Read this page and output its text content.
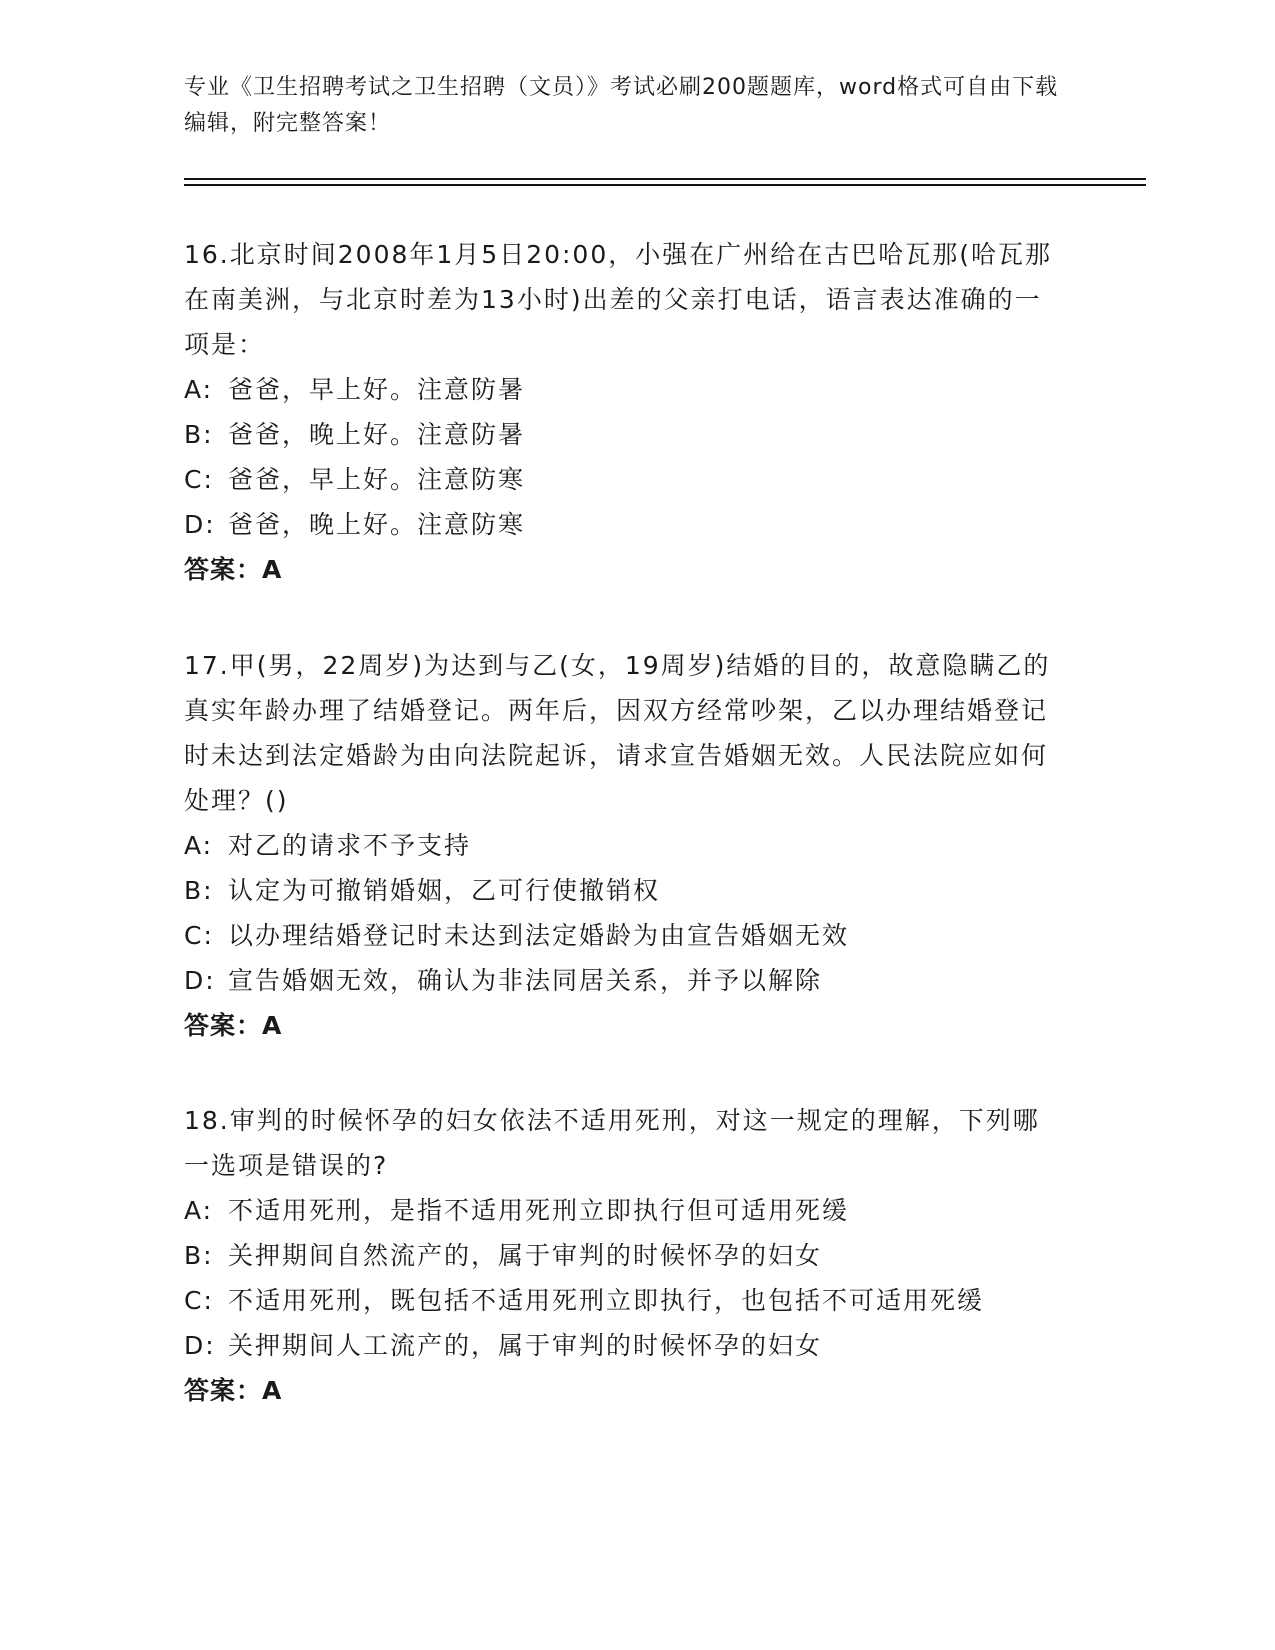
专业《卫生招聘考试之卫生招聘（文员）》考试必刷200题题库，word格式可自由下载编辑，附完整答案！

16.北京时间2008年1月5日20:00，小强在广州给在古巴哈瓦那(哈瓦那在南美洲，与北京时差为13小时)出差的父亲打电话，语言表达准确的一项是：

A: 爸爸，早上好。注意防暑

B: 爸爸，晚上好。注意防暑

C: 爸爸，早上好。注意防寒

D: 爸爸，晚上好。注意防寒

答案：A

17.甲(男，22周岁)为达到与乙(女，19周岁)结婚的目的，故意隐瞒乙的真实年龄办理了结婚登记。两年后，因双方经常吵架，乙以办理结婚登记时未达到法定婚龄为由向法院起诉，请求宣告婚姻无效。人民法院应如何处理？()

A: 对乙的请求不予支持

B: 认定为可撤销婚姻，乙可行使撤销权

C: 以办理结婚登记时未达到法定婚龄为由宣告婚姻无效

D: 宣告婚姻无效，确认为非法同居关系，并予以解除

答案：A

18.审判的时候怀孕的妇女依法不适用死刑，对这一规定的理解，下列哪一选项是错误的?

A: 不适用死刑，是指不适用死刑立即执行但可适用死缓

B: 关押期间自然流产的，属于审判的时候怀孕的妇女

C: 不适用死刑，既包括不适用死刑立即执行，也包括不可适用死缓

D: 关押期间人工流产的，属于审判的时候怀孕的妇女

答案：A
